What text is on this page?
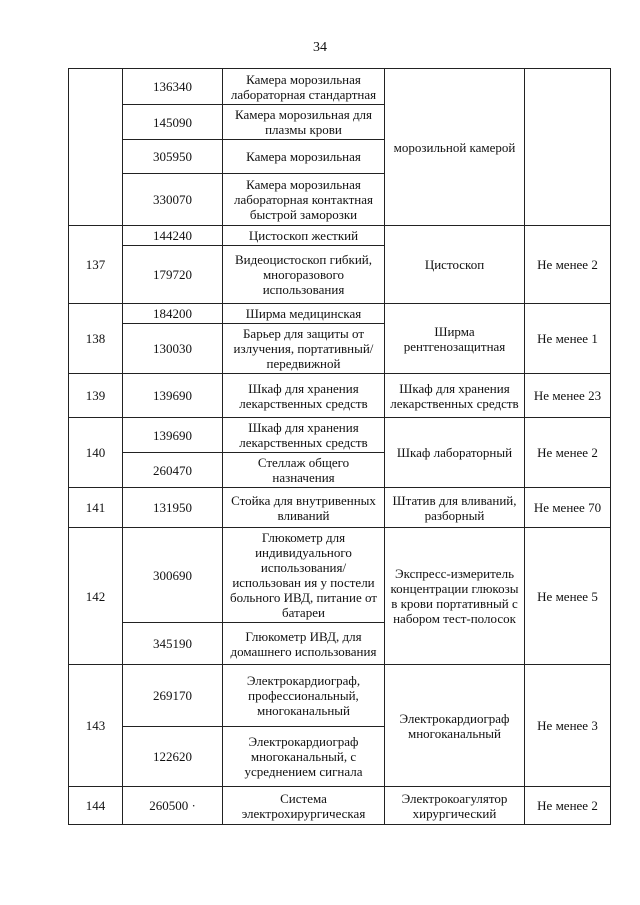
34
	136340	Камера морозильная лабораторная стандартная	морозильной камерой	
	145090	Камера морозильная для плазмы крови		
	305950	Камера морозильная		
	330070	Камера морозильная лабораторная контактная быстрой заморозки		
137	144240	Цистоскоп жесткий	Цистоскоп	Не менее 2
	179720	Видеоцистоскоп гибкий, многоразового использования		
138	184200	Ширма медицинская	Ширма рентгенозащитная	Не менее 1
	130030	Барьер для защиты от излучения, портативный/передвижной		
139	139690	Шкаф для хранения лекарственных средств	Шкаф для хранения лекарственных средств	Не менее 23
140	139690	Шкаф для хранения лекарственных средств	Шкаф лабораторный	Не менее 2
	260470	Стеллаж общего назначения		
141	131950	Стойка для внутривенных вливаний	Штатив для вливаний, разборный	Не менее 70
142	300690	Глюкометр для индивидуального использования/использован ия у постели больного ИВД, питание от батареи	Экспресс-измеритель концентрации глюкозы в крови портативный с набором тест-полосок	Не менее 5
	345190	Глюкометр ИВД, для домашнего использования		
143	269170	Электрокардиограф, профессиональный, многоканальный	Электрокардиограф многоканальный	Не менее 3
	122620	Электрокардиограф многоканальный, с усреднением сигнала		
144	260500 ·	Система электрохирургическая	Электрокоагулятор хирургический	Не менее 2
